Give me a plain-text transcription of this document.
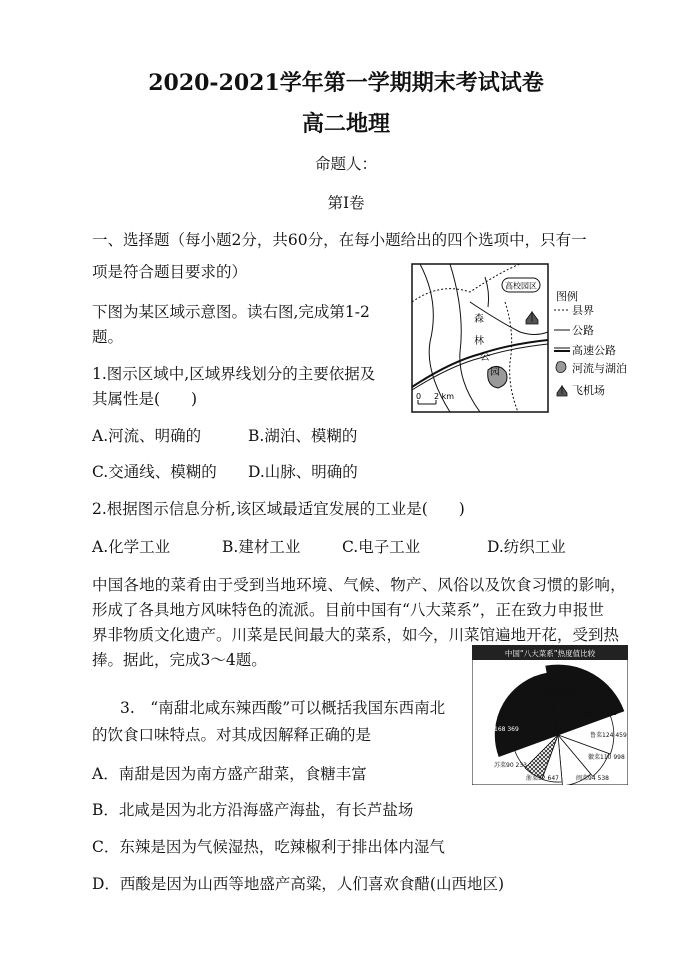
2020-2021学年第一学期期末考试试卷
高二地理
命题人：
第Ⅰ卷
一、选择题（每小题2分，共60分，在每小题给出的四个选项中，只有一
项是符合题目要求的）
下图为某区域示意图。读右图,完成第1-2
题。
1.图示区域中,区域界线划分的主要依据及
其属性是(　　)
A.河流、明确的	B.湖泊、模糊的
C.交通线、模糊的 D.山脉、明确的
2.根据图示信息分析,该区域最适宜发展的工业是(　　)
A.化学工业	B.建材工业	C.电子工业	D.纺织工业
中国各地的菜肴由于受到当地环境、气候、物产、风俗以及饮食习惯的影响，
形成了各具地方风味特色的流派。目前中国有“八大菜系”，正在致力申报世
界非物质文化遗产。川菜是民间最大的菜系，如今，川菜馆遍地开花，受到热
捧。据此，完成3～4题。
3.　“南甜北咸东辣西酸”可以概括我国东西南北
的饮食口味特点。对其成因解释正确的是
A．南甜是因为南方盛产甜菜，食糖丰富
B．北咸是因为北方沿海盛产海盐，有长芦盐场
C．东辣是因为气候湿热，吃辣椒利于排出体内湿气
D．西酸是因为山西等地盛产高粱，人们喜欢食醋(山西地区)
高校园区
森
林
公
园
0 2 km
图例
县界
公路
高速公路
河流与湖泊
飞机场
中国“八大菜系”热度值比较
粤菜209 094
川菜168 369
湘菜132 732
鲁菜124 459
徽菜110 998
闽菜94 538
浙菜92 647
苏菜90 233
